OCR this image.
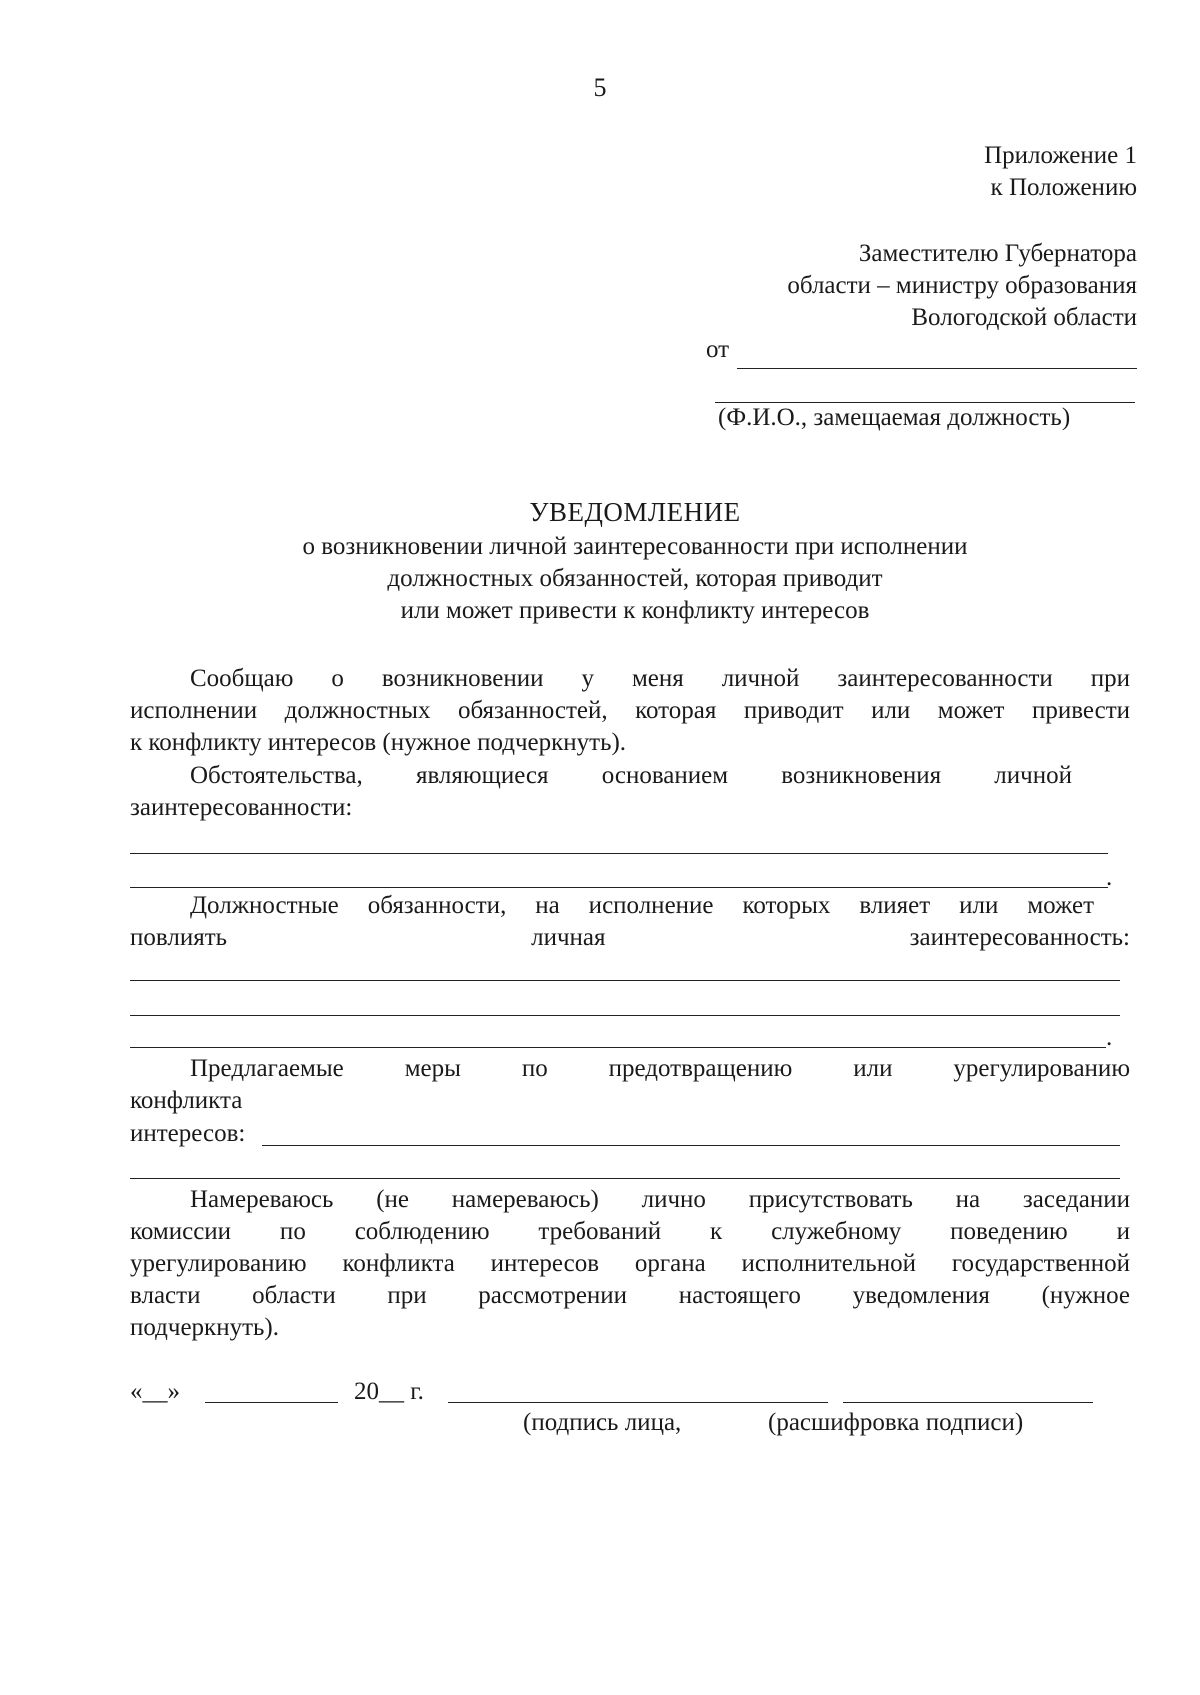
5
Приложение 1
к Положению
Заместителю Губернатора
области – министру образования
Вологодской области
от
(Ф.И.О., замещаемая должность)
УВЕДОМЛЕНИЕ
о возникновении личной заинтересованности при исполнении
должностных обязанностей, которая приводит
или может привести к конфликту интересов
Сообщаю о возникновении у меня личной заинтересованности при
исполнении должностных обязанностей, которая приводит или может привести
к конфликту интересов (нужное подчеркнуть).
Обстоятельства, являющиеся основанием возникновения личной
заинтересованности:
.
Должностные обязанности, на исполнение которых влияет или может
повлиять личная заинтересованность:
.
Предлагаемые меры по предотвращению или урегулированию
конфликта
интересов:
Намереваюсь (не намереваюсь) лично присутствовать на заседании
комиссии по соблюдению требований к служебному поведению и
урегулированию конфликта интересов органа исполнительной государственной
власти области при рассмотрении настоящего уведомления (нужное
подчеркнуть).
«__»	20__ г.
(подпись лица,	(расшифровка подписи)
